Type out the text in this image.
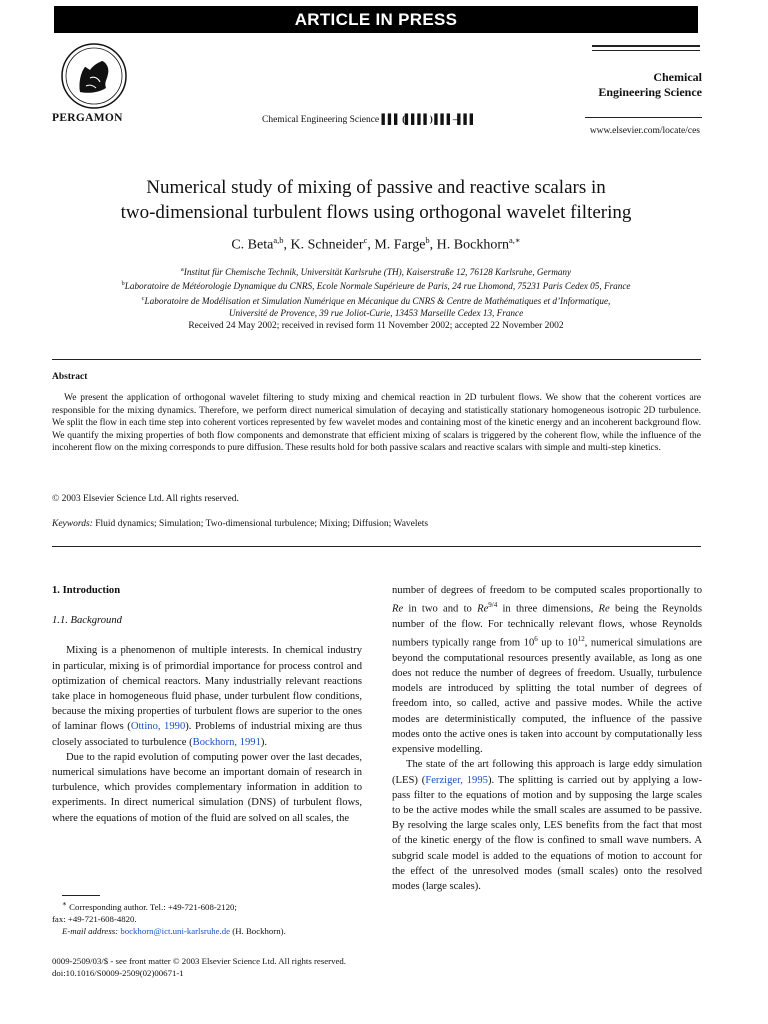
ARTICLE IN PRESS
PERGAMON	Chemical Engineering Science ▌▌▌ (▌▌▌▌) ▌▌▌–▌▌▌
Chemical
Engineering Science
www.elsevier.com/locate/ces
Numerical study of mixing of passive and reactive scalars in
two-dimensional turbulent flows using orthogonal wavelet filtering
C. Beta$^{a,b}$, K. Schneider$^c$, M. Farge$^b$, H. Bockhorn$^{a,∗}$
$^a$Institut für Chemische Technik, Universität Karlsruhe (TH), Kaiserstraße 12, 76128 Karlsruhe, Germany
$^b$Laboratoire de Météorologie Dynamique du CNRS, Ecole Normale Supérieure de Paris, 24 rue Lhomond, 75231 Paris Cedex 05, France
$^c$Laboratoire de Modélisation et Simulation Numérique en Mécanique du CNRS & Centre de Mathématiques et d’Informatique,
Université de Provence, 39 rue Joliot-Curie, 13453 Marseille Cedex 13, France
Received 24 May 2002; received in revised form 11 November 2002; accepted 22 November 2002
Abstract
We present the application of orthogonal wavelet filtering to study mixing and chemical reaction in 2D turbulent flows. We show that the coherent vortices are responsible for the mixing dynamics. Therefore, we perform direct numerical simulation of decaying and statistically stationary homogeneous isotropic 2D turbulence. We split the flow in each time step into coherent vortices represented by few wavelet modes and containing most of the kinetic energy and an incoherent background flow. We quantify the mixing properties of both flow components and demonstrate that efficient mixing of scalars is triggered by the coherent flow, while the influence of the incoherent flow on the mixing corresponds to pure diffusion. These results hold for both passive scalars and reactive scalars with simple and multi-step kinetics.
© 2003 Elsevier Science Ltd. All rights reserved.
Keywords: Fluid dynamics; Simulation; Two-dimensional turbulence; Mixing; Diffusion; Wavelets
1. Introduction
1.1. Background

Mixing is a phenomenon of multiple interests. In chemical industry in particular, mixing is of primordial importance for process control and optimization of chemical reactors. Many industrially relevant reactions take place in homogeneous fluid phase, under turbulent flow conditions, because the mixing properties of turbulent flows are superior to the ones of laminar flows (Ottino, 1990). Problems of industrial mixing are thus closely associated to turbulence (Bockhorn, 1991).

Due to the rapid evolution of computing power over the last decades, numerical simulations have become an important domain of research in turbulence, which provides complementary information in addition to experiments. In direct numerical simulation (DNS) of turbulent flows, where the equations of motion of the fluid are solved on all scales, the

number of degrees of freedom to be computed scales proportionally to Re in two and to $Re^{9/4}$ in three dimensions, Re being the Reynolds number of the flow. For technically relevant flows, whose Reynolds numbers typically range from $10^6$ up to $10^{12}$, numerical simulations are beyond the computational resources presently available, as long as one does not reduce the number of degrees of freedom. Usually, turbulence models are introduced by splitting the total number of degrees of freedom into, so called, active and passive modes. While the active modes are deterministically computed, the influence of the passive modes onto the active ones is taken into account by computationally less expensive modelling.

The state of the art following this approach is large eddy simulation (LES) (Ferziger, 1995). The splitting is carried out by applying a low-pass filter to the equations of motion and by supposing the large scales to be the active modes while the small scales are assumed to be passive. By resolving the large scales only, LES benefits from the fact that most of the kinetic energy of the flow is confined to small wave numbers. A subgrid scale model is added to the equations of motion to account for the effect of the unresolved modes (small scales) onto the resolved modes (large scales).

∗ Corresponding author. Tel.: +49-721-608-2120;
fax: +49-721-608-4820.
E-mail address: bockhorn@ict.uni-karlsruhe.de (H. Bockhorn).
0009-2509/03/$ - see front matter © 2003 Elsevier Science Ltd. All rights reserved.
doi:10.1016/S0009-2509(02)00671-1
